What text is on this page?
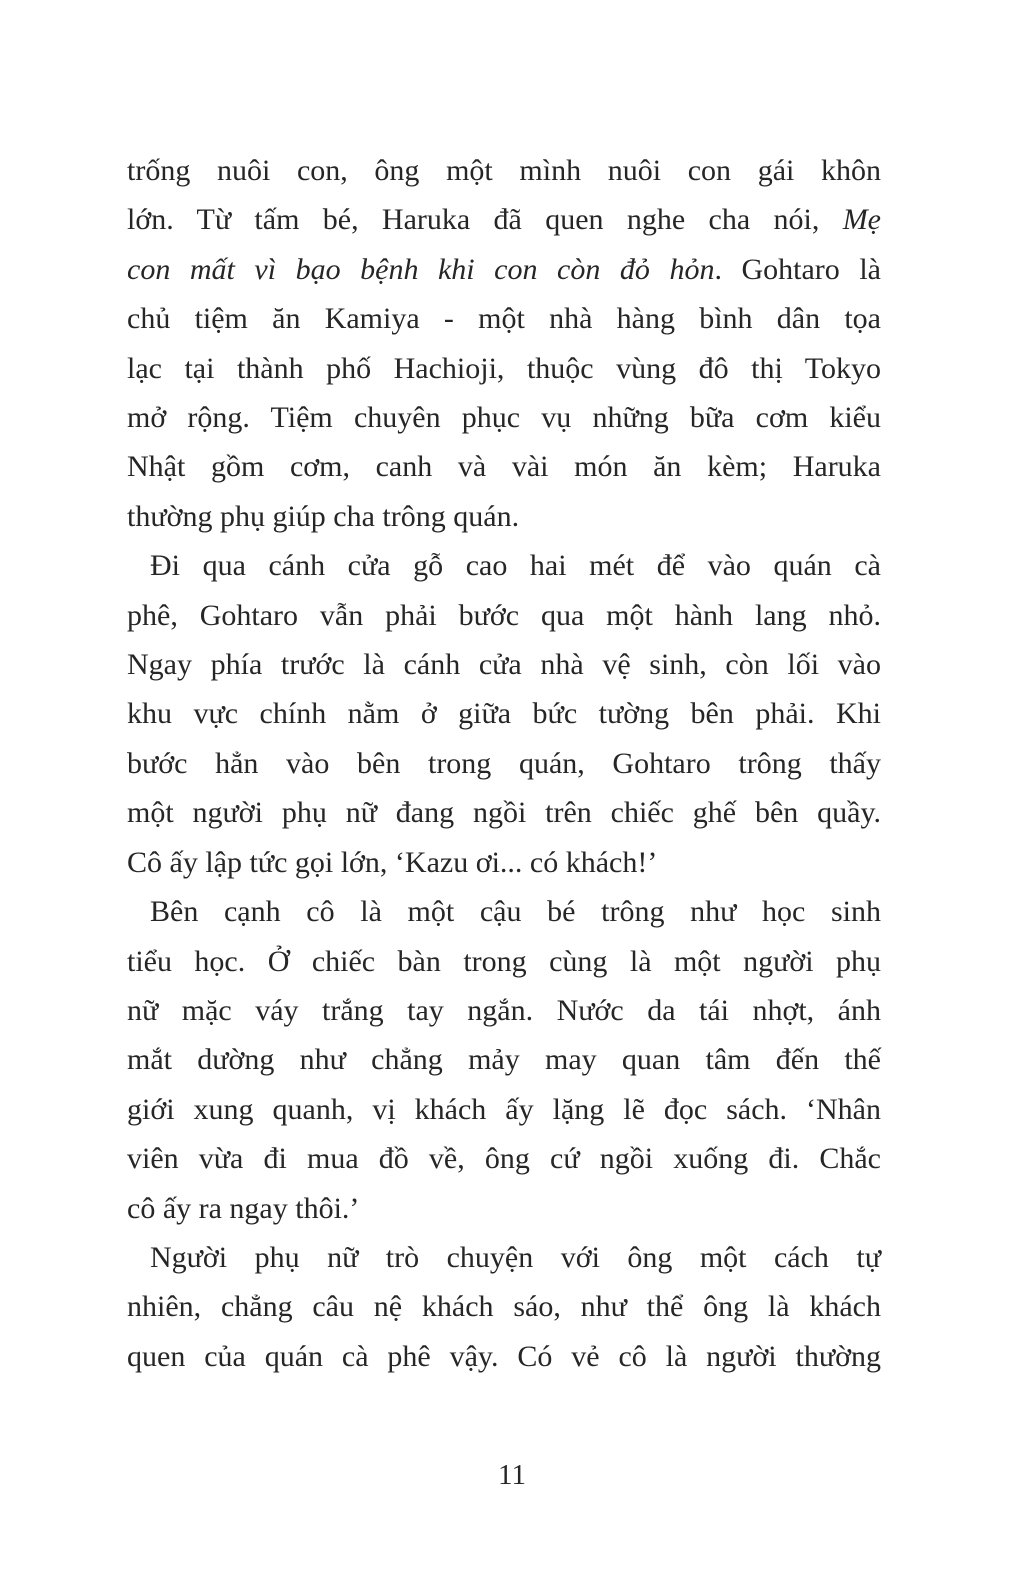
trống nuôi con, ông một mình nuôi con gái khôn
lớn. Từ tấm bé, Haruka đã quen nghe cha nói, Mẹ
con mất vì bạo bệnh khi con còn đỏ hỏn. Gohtaro là
chủ tiệm ăn Kamiya - một nhà hàng bình dân tọa
lạc tại thành phố Hachioji, thuộc vùng đô thị Tokyo
mở rộng. Tiệm chuyên phục vụ những bữa cơm kiểu
Nhật gồm cơm, canh và vài món ăn kèm; Haruka
thường phụ giúp cha trông quán.
Đi qua cánh cửa gỗ cao hai mét để vào quán cà
phê, Gohtaro vẫn phải bước qua một hành lang nhỏ.
Ngay phía trước là cánh cửa nhà vệ sinh, còn lối vào
khu vực chính nằm ở giữa bức tường bên phải. Khi
bước hẳn vào bên trong quán, Gohtaro trông thấy
một người phụ nữ đang ngồi trên chiếc ghế bên quầy.
Cô ấy lập tức gọi lớn, ‘Kazu ơi... có khách!’
Bên cạnh cô là một cậu bé trông như học sinh
tiểu học. Ở chiếc bàn trong cùng là một người phụ
nữ mặc váy trắng tay ngắn. Nước da tái nhợt, ánh
mắt dường như chẳng mảy may quan tâm đến thế
giới xung quanh, vị khách ấy lặng lẽ đọc sách. ‘Nhân
viên vừa đi mua đồ về, ông cứ ngồi xuống đi. Chắc
cô ấy ra ngay thôi.’
Người phụ nữ trò chuyện với ông một cách tự
nhiên, chẳng câu nệ khách sáo, như thể ông là khách
quen của quán cà phê vậy. Có vẻ cô là người thường
11
